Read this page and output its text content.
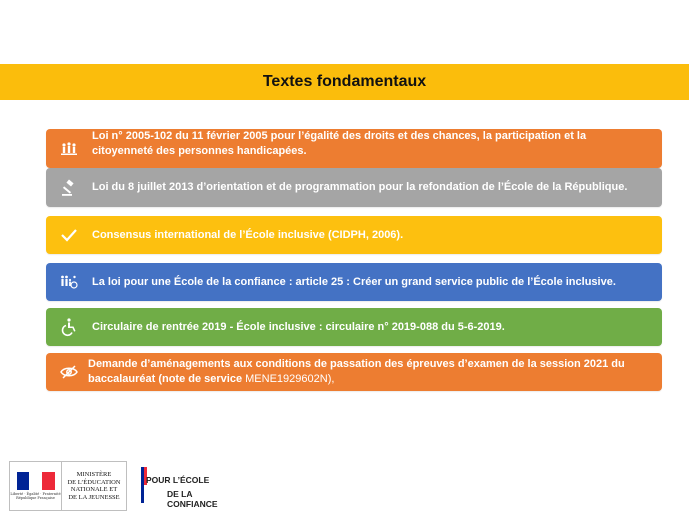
Textes fondamentaux
Loi n° 2005-102 du 11 février 2005 pour l’égalité des droits et des chances, la participation et la citoyenneté des personnes handicapées.
Loi du 8 juillet 2013 d’orientation et de programmation pour la refondation de l’École de la République.
Consensus international de l’École inclusive (CIDPH, 2006).
La loi pour une École de la confiance : article 25 : Créer un grand service public de l’École inclusive.
Circulaire de rentrée 2019 - École inclusive : circulaire n° 2019-088 du 5-6-2019.
Demande d’aménagements aux conditions de passation des épreuves d’examen de la session 2021 du baccalauréat (note de service MENE1929602N),
Liberté · Égalité · Fraternité
République Française
MINISTÈRE
DE L’ÉDUCATION
NATIONALE ET
DE LA JEUNESSE
POUR L’ÉCOLE
DE LA CONFIANCE
